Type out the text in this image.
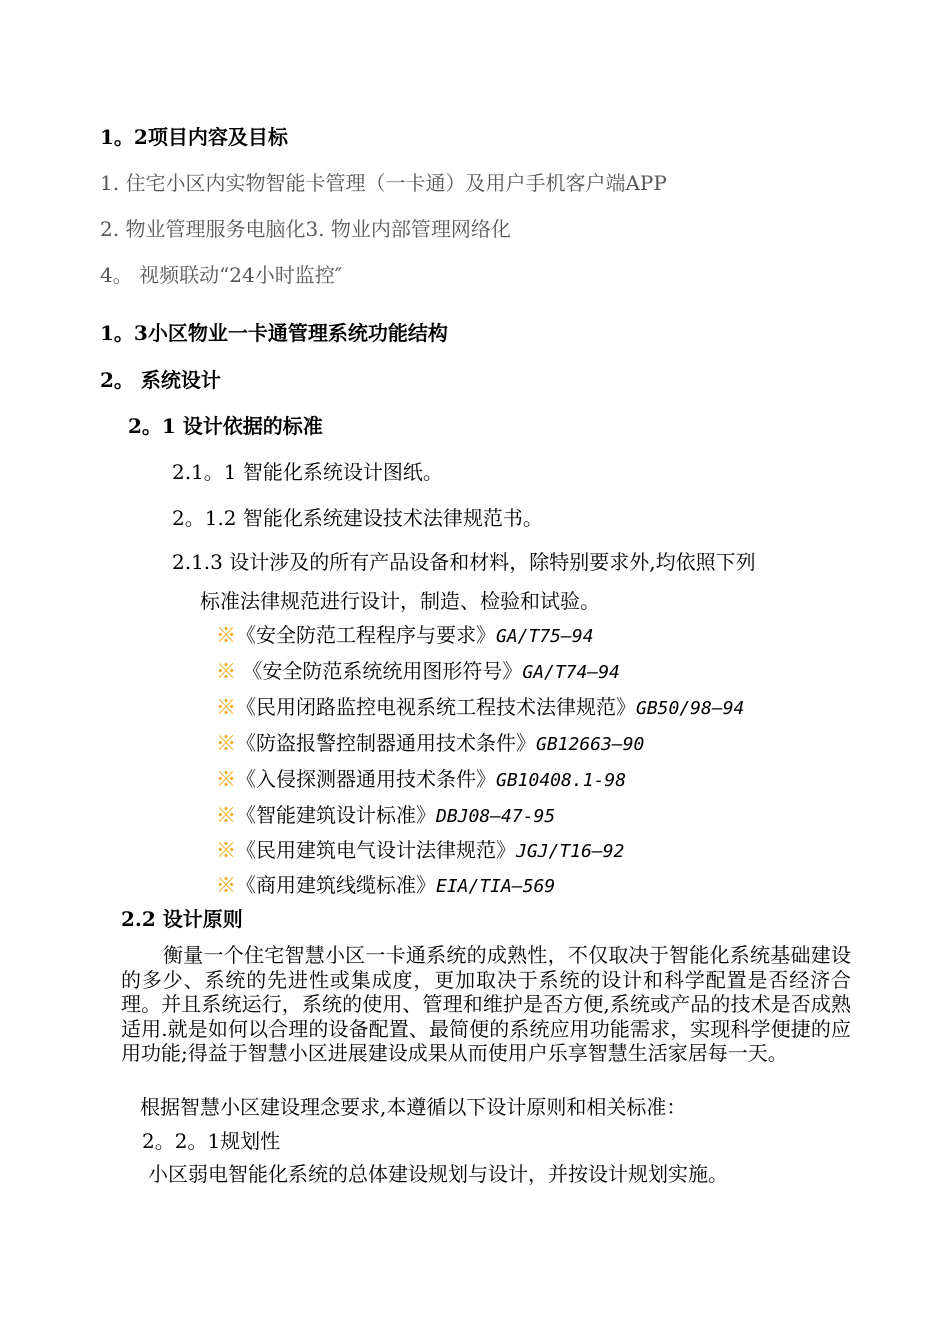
1。2项目内容及目标
1. 住宅小区内实物智能卡管理（一卡通）及用户手机客户端APP
2. 物业管理服务电脑化3. 物业内部管理网络化
4。 视频联动“24小时监控″
1。3小区物业一卡通管理系统功能结构
2。 系统设计
2。1 设计依据的标准
2.1。1 智能化系统设计图纸。
2。1.2 智能化系统建设技术法律规范书。
2.1.3 设计涉及的所有产品设备和材料，除特别要求外,均依照下列
标准法律规范进行设计，制造、检验和试验。
※《安全防范工程程序与要求》GA/T75—94
※ 《安全防范系统统用图形符号》GA/T74—94
※《民用闭路监控电视系统工程技术法律规范》GB50/98—94
※《防盗报警控制器通用技术条件》GB12663—90
※《入侵探测器通用技术条件》GB10408.1-98
※《智能建筑设计标准》DBJ08—47-95
※《民用建筑电气设计法律规范》JGJ/T16—92
※《商用建筑线缆标准》EIA/TIA—569
2.2 设计原则
衡量一个住宅智慧小区一卡通系统的成熟性，不仅取决于智能化系统基础建设的多少、系统的先进性或集成度，更加取决于系统的设计和科学配置是否经济合理。并且系统运行，系统的使用、管理和维护是否方便,系统或产品的技术是否成熟适用.就是如何以合理的设备配置、最简便的系统应用功能需求，实现科学便捷的应用功能;得益于智慧小区进展建设成果从而使用户乐享智慧生活家居每一天。
根据智慧小区建设理念要求,本遵循以下设计原则和相关标准：
2。2。1规划性
小区弱电智能化系统的总体建设规划与设计，并按设计规划实施。
